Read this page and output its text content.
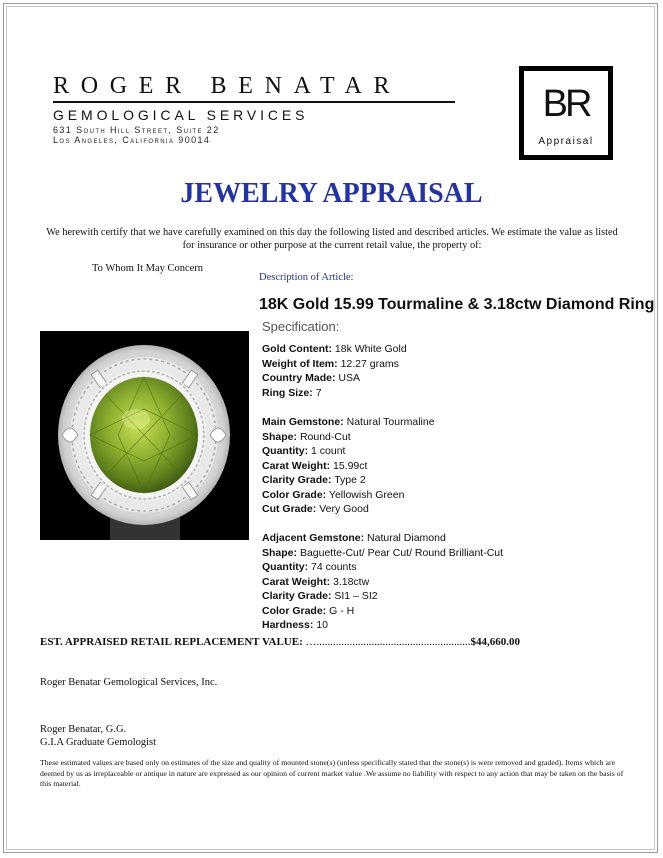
ROGER BENATAR
GEMOLOGICAL SERVICES
631 South Hill Street, Suite 22
Los Angeles, California 90014
BR
Appraisal
JEWELRY APPRAISAL
We herewith certify that we have carefully examined on this day the following listed and described articles. We estimate the value as listed for insurance or other purpose at the current retail value, the property of:
To Whom It May Concern
Description of Article:
18K Gold 15.99 Tourmaline & 3.18ctw Diamond Ring
Specification:
Gold Content: 18k White Gold
Weight of Item: 12.27 grams
Country Made: USA
Ring Size: 7
Main Gemstone: Natural Tourmaline
Shape: Round-Cut
Quantity: 1 count
Carat Weight: 15.99ct
Clarity Grade: Type 2
Color Grade: Yellowish Green
Cut Grade: Very Good
Adjacent Gemstone: Natural Diamond
Shape: Baguette-Cut/ Pear Cut/ Round Brilliant-Cut
Quantity: 74 counts
Carat Weight: 3.18ctw
Clarity Grade: SI1 – SI2
Color Grade: G - H
Hardness: 10
EST. APPRAISED RETAIL REPLACEMENT VALUE: …........................................................$44,660.00
Roger Benatar Gemological Services, Inc.
Roger Benatar, G.G.
G.I.A Graduate Gemologist
These estimated values are based only on estimates of the size and quality of mounted stone(s) (unless specifically stated that the stone(s) is were removed and graded). Items which are deemed by us as irreplaceable or antique in nature are expressed as our opinion of current market value .We assume no liability with respect to any action that may be taken on the basis of this material.
